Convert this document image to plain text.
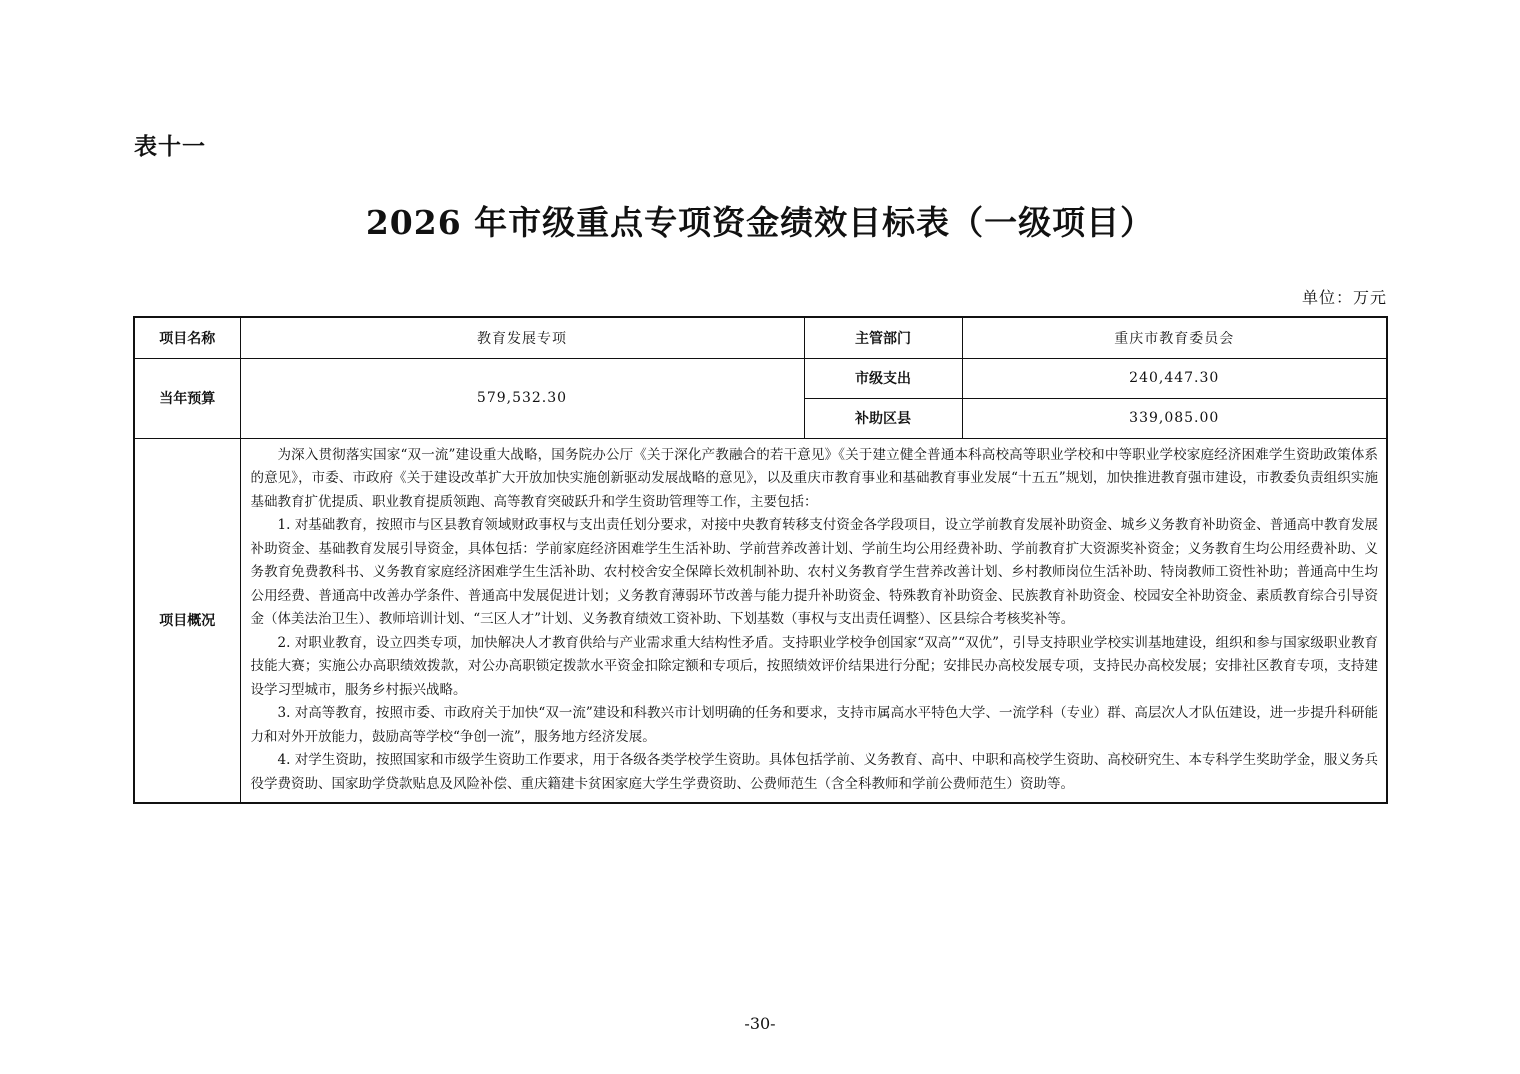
表十一
2026 年市级重点专项资金绩效目标表（一级项目）
单位：万元
项目名称	教育发展专项	主管部门	重庆市教育委员会
当年预算	579,532.30	市级支出	240,447.30
		补助区县	339,085.00
项目概况	为深入贯彻落实国家“双一流”建设重大战略，国务院办公厅《关于深化产教融合的若干意见》《关于建立健全普通本科高校高等职业学校和中等职业学校家庭经济困难学生资助政策体系的意见》，市委、市政府《关于建设改革扩大开放加快实施创新驱动发展战略的意见》，以及重庆市教育事业和基础教育事业发展“十五五”规划，加快推进教育强市建设，市教委负责组织实施基础教育扩优提质、职业教育提质领跑、高等教育突破跃升和学生资助管理等工作，主要包括：

1. 对基础教育，按照市与区县教育领域财政事权与支出责任划分要求，对接中央教育转移支付资金各学段项目，设立学前教育发展补助资金、城乡义务教育补助资金、普通高中教育发展补助资金、基础教育发展引导资金，具体包括：学前家庭经济困难学生生活补助、学前营养改善计划、学前生均公用经费补助、学前教育扩大资源奖补资金；义务教育生均公用经费补助、义务教育免费教科书、义务教育家庭经济困难学生生活补助、农村校舍安全保障长效机制补助、农村义务教育学生营养改善计划、乡村教师岗位生活补助、特岗教师工资性补助；普通高中生均公用经费、普通高中改善办学条件、普通高中发展促进计划；义务教育薄弱环节改善与能力提升补助资金、特殊教育补助资金、民族教育补助资金、校园安全补助资金、素质教育综合引导资金（体美法治卫生）、教师培训计划、“三区人才”计划、义务教育绩效工资补助、下划基数（事权与支出责任调整）、区县综合考核奖补等。

2. 对职业教育，设立四类专项，加快解决人才教育供给与产业需求重大结构性矛盾。支持职业学校争创国家“双高”“双优”，引导支持职业学校实训基地建设，组织和参与国家级职业教育技能大赛；实施公办高职绩效拨款，对公办高职锁定拨款水平资金扣除定额和专项后，按照绩效评价结果进行分配；安排民办高校发展专项，支持民办高校发展；安排社区教育专项，支持建设学习型城市，服务乡村振兴战略。

3. 对高等教育，按照市委、市政府关于加快“双一流”建设和科教兴市计划明确的任务和要求，支持市属高水平特色大学、一流学科（专业）群、高层次人才队伍建设，进一步提升科研能力和对外开放能力，鼓励高等学校“争创一流”，服务地方经济发展。

4. 对学生资助，按照国家和市级学生资助工作要求，用于各级各类学校学生资助。具体包括学前、义务教育、高中、中职和高校学生资助、高校研究生、本专科学生奖助学金，服义务兵役学费资助、国家助学贷款贴息及风险补偿、重庆籍建卡贫困家庭大学生学费资助、公费师范生（含全科教师和学前公费师范生）资助等。		

-30-
